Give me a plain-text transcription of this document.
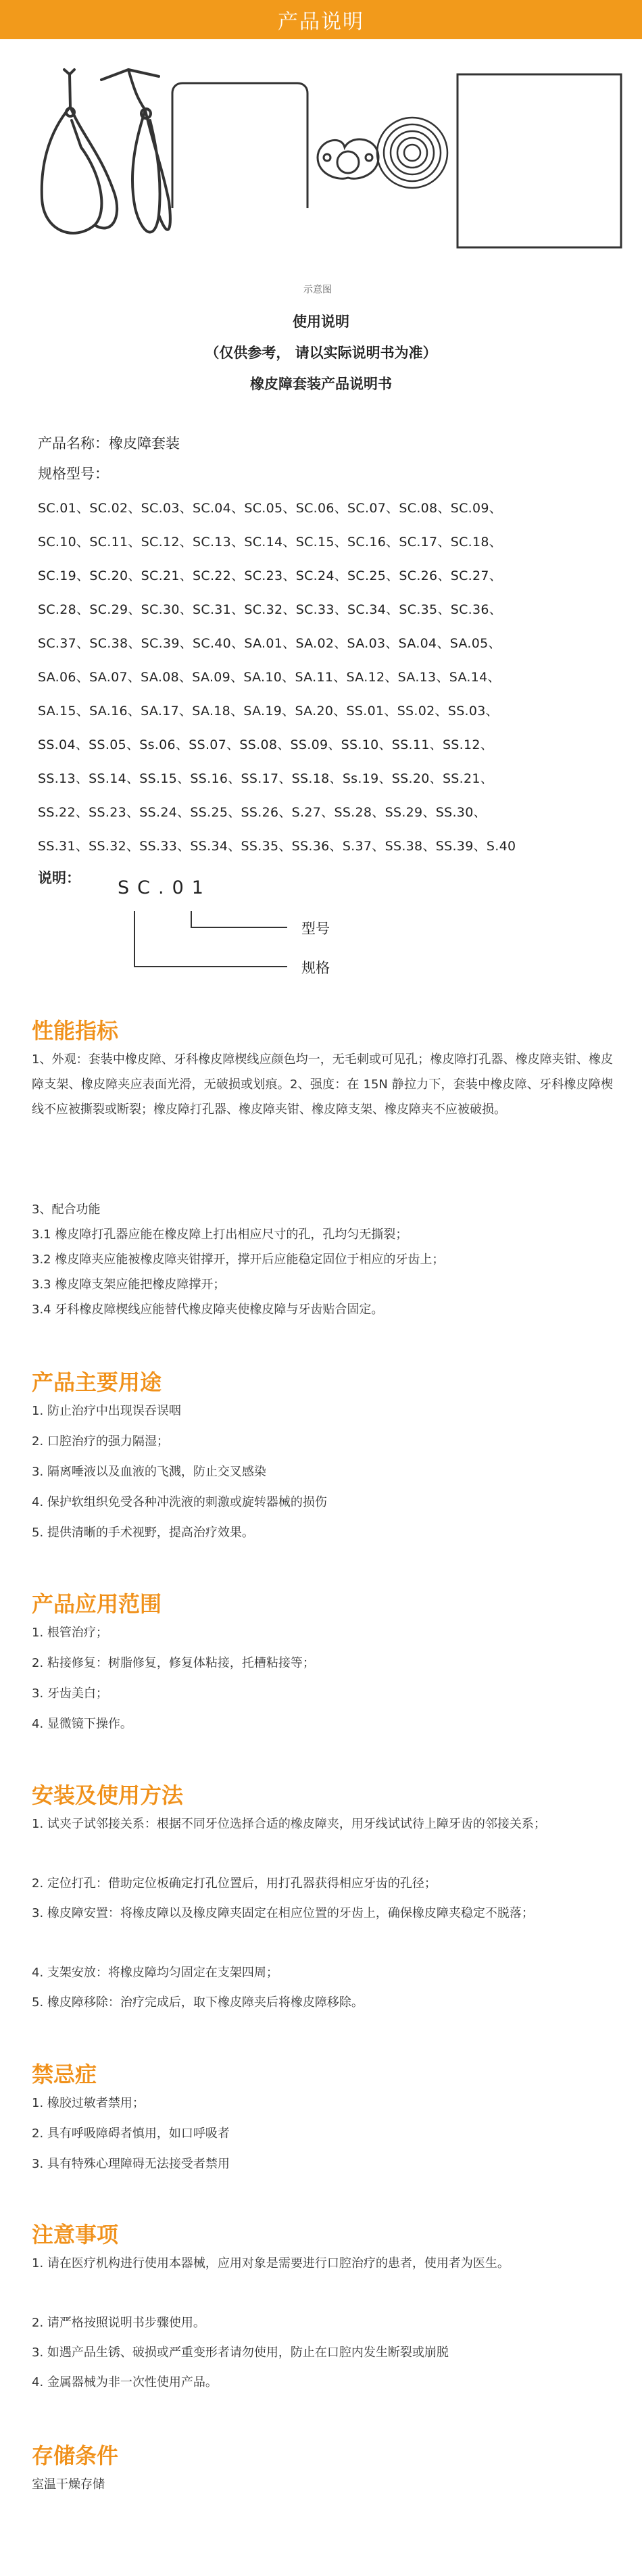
产品说明
示意图
使用说明
（仅供参考， 请以实际说明书为准）
橡皮障套装产品说明书
产品名称：橡皮障套装
规格型号：
SC.01、SC.02、SC.03、SC.04、SC.05、SC.06、SC.07、SC.08、SC.09、
SC.10、SC.11、SC.12、SC.13、SC.14、SC.15、SC.16、SC.17、SC.18、
SC.19、SC.20、SC.21、SC.22、SC.23、SC.24、SC.25、SC.26、SC.27、
SC.28、SC.29、SC.30、SC.31、SC.32、SC.33、SC.34、SC.35、SC.36、
SC.37、SC.38、SC.39、SC.40、SA.01、SA.02、SA.03、SA.04、SA.05、
SA.06、SA.07、SA.08、SA.09、SA.10、SA.11、SA.12、SA.13、SA.14、
SA.15、SA.16、SA.17、SA.18、SA.19、SA.20、SS.01、SS.02、SS.03、
SS.04、SS.05、Ss.06、SS.07、SS.08、SS.09、SS.10、SS.11、SS.12、
SS.13、SS.14、SS.15、SS.16、SS.17、SS.18、Ss.19、SS.20、SS.21、
SS.22、SS.23、SS.24、SS.25、SS.26、S.27、SS.28、SS.29、SS.30、
SS.31、SS.32、SS.33、SS.34、SS.35、SS.36、S.37、SS.38、SS.39、S.40
说明： SC.01
型号
规格
性能指标
1、外观：套装中橡皮障、牙科橡皮障楔线应颜色均一，无毛刺或可见孔；橡皮障打孔器、橡皮障夹钳、橡皮障支架、橡皮障夹应表面光滑，无破损或划痕。2、强度：在 15N 静拉力下，套装中橡皮障、牙科橡皮障楔线不应被撕裂或断裂；橡皮障打孔器、橡皮障夹钳、橡皮障支架、橡皮障夹不应被破损。
3、配合功能
3.1 橡皮障打孔器应能在橡皮障上打出相应尺寸的孔，孔均匀无撕裂；
3.2 橡皮障夹应能被橡皮障夹钳撑开，撑开后应能稳定固位于相应的牙齿上；
3.3 橡皮障支架应能把橡皮障撑开；
3.4 牙科橡皮障楔线应能替代橡皮障夹使橡皮障与牙齿贴合固定。
产品主要用途
1. 防止治疗中出现误吞误咽
2. 口腔治疗的强力隔湿；
3. 隔离唾液以及血液的飞溅，防止交叉感染
4. 保护软组织免受各种冲洗液的刺激或旋转器械的损伤
5. 提供清晰的手术视野，提高治疗效果。
产品应用范围
1. 根管治疗；
2. 粘接修复：树脂修复，修复体粘接，托槽粘接等；
3. 牙齿美白；
4. 显微镜下操作。
安装及使用方法
1. 试夹子试邻接关系：根据不同牙位选择合适的橡皮障夹，用牙线试试待上障牙齿的邻接关系；
2. 定位打孔：借助定位板确定打孔位置后，用打孔器获得相应牙齿的孔径；
3. 橡皮障安置：将橡皮障以及橡皮障夹固定在相应位置的牙齿上，确保橡皮障夹稳定不脱落；
4. 支架安放：将橡皮障均匀固定在支架四周；
5. 橡皮障移除：治疗完成后，取下橡皮障夹后将橡皮障移除。
禁忌症
1. 橡胶过敏者禁用；
2. 具有呼吸障碍者慎用，如口呼吸者
3. 具有特殊心理障碍无法接受者禁用
注意事项
1. 请在医疗机构进行使用本器械，应用对象是需要进行口腔治疗的患者，使用者为医生。
2. 请严格按照说明书步骤使用。
3. 如遇产品生锈、破损或严重变形者请勿使用，防止在口腔内发生断裂或崩脱
4. 金属器械为非一次性使用产品。
存储条件
室温干燥存储
